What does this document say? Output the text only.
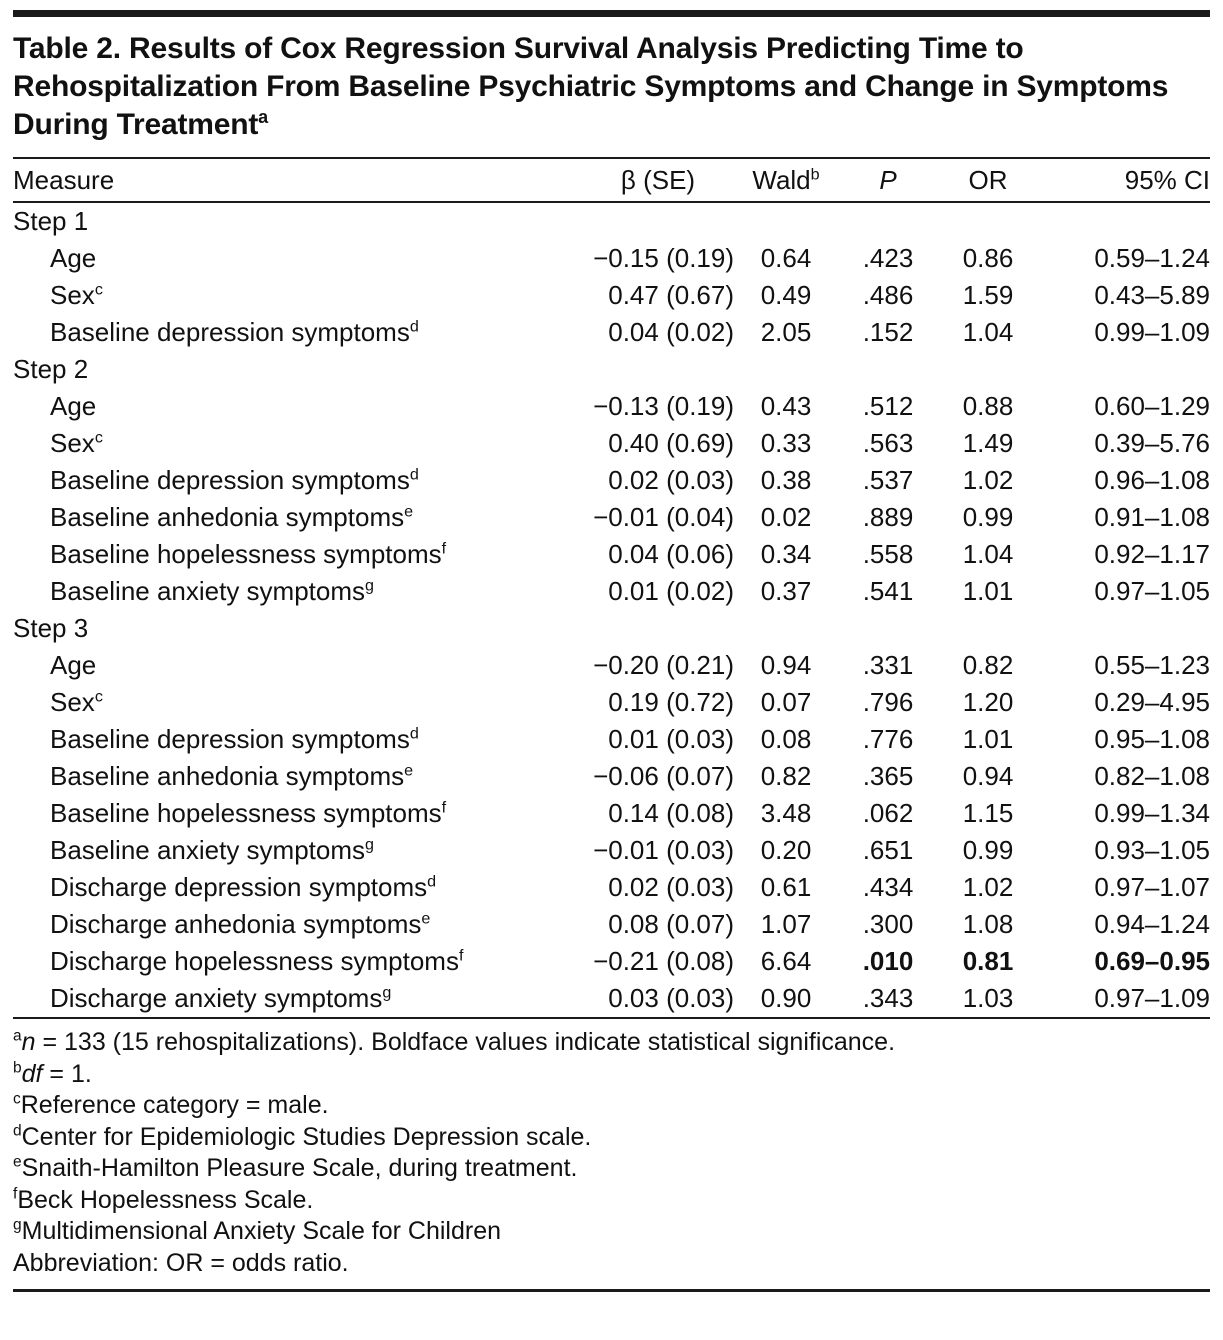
Table 2. Results of Cox Regression Survival Analysis Predicting Time to Rehospitalization From Baseline Psychiatric Symptoms and Change in Symptoms During Treatment$^a$
Measure	β (SE)	Wald$^b$	P	OR	95% CI
Step 1					
Age	−0.15 (0.19)	0.64	.423	0.86	0.59–1.24
Sex$^c$	0.47 (0.67)	0.49	.486	1.59	0.43–5.89
Baseline depression symptoms$^d$	0.04 (0.02)	2.05	.152	1.04	0.99–1.09
Step 2					
Age	−0.13 (0.19)	0.43	.512	0.88	0.60–1.29
Sex$^c$	0.40 (0.69)	0.33	.563	1.49	0.39–5.76
Baseline depression symptoms$^d$	0.02 (0.03)	0.38	.537	1.02	0.96–1.08
Baseline anhedonia symptoms$^e$	−0.01 (0.04)	0.02	.889	0.99	0.91–1.08
Baseline hopelessness symptoms$^f$	0.04 (0.06)	0.34	.558	1.04	0.92–1.17
Baseline anxiety symptoms$^g$	0.01 (0.02)	0.37	.541	1.01	0.97–1.05
Step 3					
Age	−0.20 (0.21)	0.94	.331	0.82	0.55–1.23
Sex$^c$	0.19 (0.72)	0.07	.796	1.20	0.29–4.95
Baseline depression symptoms$^d$	0.01 (0.03)	0.08	.776	1.01	0.95–1.08
Baseline anhedonia symptoms$^e$	−0.06 (0.07)	0.82	.365	0.94	0.82–1.08
Baseline hopelessness symptoms$^f$	0.14 (0.08)	3.48	.062	1.15	0.99–1.34
Baseline anxiety symptoms$^g$	−0.01 (0.03)	0.20	.651	0.99	0.93–1.05
Discharge depression symptoms$^d$	0.02 (0.03)	0.61	.434	1.02	0.97–1.07
Discharge anhedonia symptoms$^e$	0.08 (0.07)	1.07	.300	1.08	0.94–1.24
Discharge hopelessness symptoms$^f$	−0.21 (0.08)	6.64	.010	0.81	0.69–0.95
Discharge anxiety symptoms$^g$	0.03 (0.03)	0.90	.343	1.03	0.97–1.09

$^a$n = 133 (15 rehospitalizations). Boldface values indicate statistical significance.

$^b$df = 1.

$^c$Reference category = male.

$^d$Center for Epidemiologic Studies Depression scale.

$^e$Snaith-Hamilton Pleasure Scale, during treatment.

$^f$Beck Hopelessness Scale.

$^g$Multidimensional Anxiety Scale for Children

Abbreviation: OR = odds ratio.
